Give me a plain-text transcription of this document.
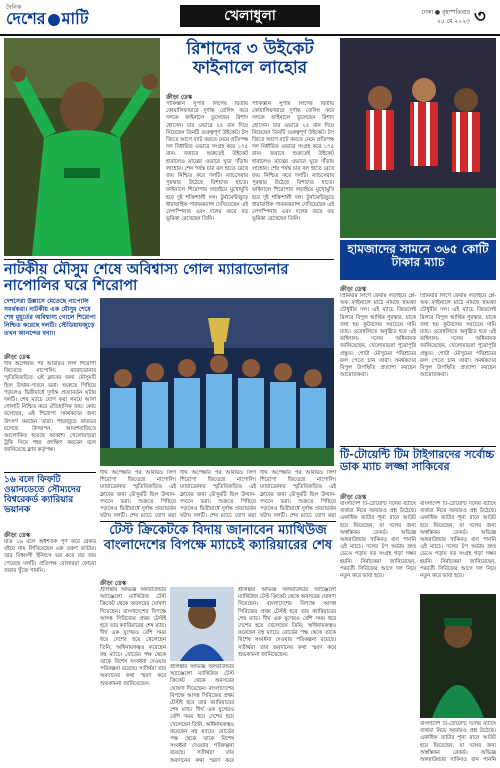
দৈনিক
দেশের মাটি	খেলাধুলা	ঢাকা ● বৃহস্পতিবার
২৫ মে ২০২৩ ৩
রিশাদের ৩ উইকেট ফাইনালে লাহোর
ক্রীড়া ডেস্ক
পাকিস্তান সুপার লিগের দ্বিতীয় কোয়ালিফায়ারে দুর্দান্ত বোলিং করে দলকে ফাইনালে তুলেছেন রিশাদ হোসেন। চার ওভারে ২৫ রান দিয়ে নিয়েছেন তিনটি গুরুত্বপূর্ণ উইকেট। টস জিতে আগে ব্যাট করতে নেমে প্রতিপক্ষ দল নির্ধারিত ওভারে সংগ্রহ করে ১৭৫ রান। জবাবে শুরুতেই উইকেট হারালেও মাঝের ওভারে ঘুরে দাঁড়ায় লাহোর। শেষ পর্যন্ত চার বল হাতে রেখে জয় নিশ্চিত করে দলটি। ম্যাচসেরার পুরস্কার উঠেছে রিশাদের হাতে। ফাইনালে শিরোপার লড়াইয়ে মুখোমুখি হবে দুই শক্তিশালী দল। টুর্নামেন্টজুড়ে ধারাবাহিক পারফরম্যান্স দেখিয়েছেন এই লেগস্পিনার এবং দলের জয়ে বড় ভূমিকা রেখেছেন তিনি।
পাকিস্তান সুপার লিগের দ্বিতীয় কোয়ালিফায়ারে দুর্দান্ত বোলিং করে দলকে ফাইনালে তুলেছেন রিশাদ হোসেন। চার ওভারে ২৫ রান দিয়ে নিয়েছেন তিনটি গুরুত্বপূর্ণ উইকেট। টস জিতে আগে ব্যাট করতে নেমে প্রতিপক্ষ দল নির্ধারিত ওভারে সংগ্রহ করে ১৭৫ রান। জবাবে শুরুতেই উইকেট হারালেও মাঝের ওভারে ঘুরে দাঁড়ায় লাহোর। শেষ পর্যন্ত চার বল হাতে রেখে জয় নিশ্চিত করে দলটি। ম্যাচসেরার পুরস্কার উঠেছে রিশাদের হাতে। ফাইনালে শিরোপার লড়াইয়ে মুখোমুখি হবে দুই শক্তিশালী দল। টুর্নামেন্টজুড়ে ধারাবাহিক পারফরম্যান্স দেখিয়েছেন এই লেগস্পিনার এবং দলের জয়ে বড় ভূমিকা রেখেছেন তিনি।
হামজাদের সামনে ৩৬৫ কোটি টাকার ম্যাচ
ক্রীড়া ডেস্ক
প্রিমিয়ার লিগে ফেরার লড়াইয়ে প্লে-অফ ফাইনালে মাঠে নামছে হামজা চৌধুরীর দল। এই ম্যাচে জিতলেই মিলবে বিপুল আর্থিক পুরস্কার, যাকে বলা হয় ফুটবলের সবচেয়ে দামি ম্যাচ। ওয়েম্বলিতে অনুষ্ঠিত হবে এই ফাইনাল। দলের অধিনায়ক জানিয়েছেন, খেলোয়াড়রা পুরোপুরি প্রস্তুত। গোটা মৌসুমের পরিশ্রমের ফল পেতে চান তারা। সমর্থকদের বিপুল উপস্থিতি প্রত্যাশা করছেন আয়োজকরা।
প্রিমিয়ার লিগে ফেরার লড়াইয়ে প্লে-অফ ফাইনালে মাঠে নামছে হামজা চৌধুরীর দল। এই ম্যাচে জিতলেই মিলবে বিপুল আর্থিক পুরস্কার, যাকে বলা হয় ফুটবলের সবচেয়ে দামি ম্যাচ। ওয়েম্বলিতে অনুষ্ঠিত হবে এই ফাইনাল। দলের অধিনায়ক জানিয়েছেন, খেলোয়াড়রা পুরোপুরি প্রস্তুত। গোটা মৌসুমের পরিশ্রমের ফল পেতে চান তারা। সমর্থকদের বিপুল উপস্থিতি প্রত্যাশা করছেন আয়োজকরা।
নাটকীয় মৌসুম শেষে অবিশ্বাস্য গোল ম্যারাডোনার নাপোলির ঘরে শিরোপা
দেশসেরা উল্লাসে মেতেছে নাপোলি সমর্থকরা। নাটকীয় এক মৌসুম শেষে শেষ মুহূর্তের অবিশ্বাস্য গোলে শিরোপা নিশ্চিত করেছে দলটি। স্টেডিয়ামজুড়ে তখন আনন্দের বন্যা।
ক্রীড়া ডেস্ক
দীর্ঘ অপেক্ষার পর আবারও লিগ শিরোপা জিতেছে নাপোলি। ম্যারাডোনার স্মৃতিবিজড়িত এই ক্লাবের জন্য মৌসুমটি ছিল উত্থান-পতনে ভরা। শুরুতে পিছিয়ে পড়লেও দ্বিতীয়ার্ধে দুর্দান্ত প্রত্যাবর্তন ঘটায় দলটি। শেষ ম্যাচে যোগ করা সময়ে আসা গোলটি নিশ্চিত করে ঐতিহাসিক জয়। কোচ বলেছেন, এই শিরোপা সমর্থকদের জন্য উৎসর্গ করছেন তারা। শহরজুড়ে রাতভর চলেছে উদযাপন, আতশবাজিতে আলোকিত হয়েছে আকাশ। খেলোয়াড়রা ট্রফি নিয়ে শহর প্রদক্ষিণ করবেন বলে জানিয়েছে ক্লাব কর্তৃপক্ষ।
দীর্ঘ অপেক্ষার পর আবারও লিগ শিরোপা জিতেছে নাপোলি। ম্যারাডোনার স্মৃতিবিজড়িত এই ক্লাবের জন্য মৌসুমটি ছিল উত্থান-পতনে ভরা। শুরুতে পিছিয়ে পড়লেও দ্বিতীয়ার্ধে দুর্দান্ত প্রত্যাবর্তন ঘটায় দলটি। শেষ ম্যাচে যোগ করা
দীর্ঘ অপেক্ষার পর আবারও লিগ শিরোপা জিতেছে নাপোলি। ম্যারাডোনার স্মৃতিবিজড়িত এই ক্লাবের জন্য মৌসুমটি ছিল উত্থান-পতনে ভরা। শুরুতে পিছিয়ে পড়লেও দ্বিতীয়ার্ধে দুর্দান্ত প্রত্যাবর্তন ঘটায় দলটি। শেষ ম্যাচে যোগ করা
দীর্ঘ অপেক্ষার পর আবারও লিগ শিরোপা জিতেছে নাপোলি। ম্যারাডোনার স্মৃতিবিজড়িত এই ক্লাবের জন্য মৌসুমটি ছিল উত্থান-পতনে ভরা। শুরুতে পিছিয়ে পড়লেও দ্বিতীয়ার্ধে দুর্দান্ত প্রত্যাবর্তন ঘটায় দলটি। শেষ ম্যাচে যোগ করা
১৬ বলে ফিফটি ওয়ানডেতে সৌম্যদের বিশ্বরেকর্ড ক্যারিয়ার ভয়ানক
ক্রীড়া ডেস্ক
মাত্র ১৬ বলে অর্ধশতক পূর্ণ করে রেকর্ড বইয়ে নাম লিখিয়েছেন এক তরুণ ব্যাটার। তার বিধ্বংসী ইনিংসে ভর করে বড় জয় পেয়েছে দলটি। প্রতিপক্ষ বোলাররা কোনো জবাব খুঁজে পাননি।
টেস্ট ক্রিকেটকে বিদায় জানাবেন ম্যাথিউজ বাংলাদেশের বিপক্ষে ম্যাচেই ক্যারিয়ারের শেষ
ক্রীড়া ডেস্ক
শ্রীলঙ্কার অভিজ্ঞ অলরাউন্ডার অ্যাঞ্জেলো ম্যাথিউজ টেস্ট ক্রিকেট থেকে অবসরের ঘোষণা দিয়েছেন। বাংলাদেশের বিপক্ষে আসন্ন সিরিজের প্রথম টেস্টই হবে তার ক্যারিয়ারের শেষ ম্যাচ। দীর্ঘ এক যুগেরও বেশি সময় ধরে দেশের হয়ে খেলেছেন তিনি, অধিনায়কত্বও করেছেন বহু ম্যাচে। বোর্ডের পক্ষ থেকে তাকে বিশেষ সংবর্ধনা দেওয়ার পরিকল্পনা রয়েছে। সতীর্থরা তার অবদানের কথা স্মরণ করে শুভকামনা জানিয়েছেন।
শ্রীলঙ্কার অভিজ্ঞ অলরাউন্ডার অ্যাঞ্জেলো ম্যাথিউজ টেস্ট ক্রিকেট থেকে অবসরের ঘোষণা দিয়েছেন। বাংলাদেশের বিপক্ষে আসন্ন সিরিজের প্রথম টেস্টই হবে তার ক্যারিয়ারের শেষ ম্যাচ। দীর্ঘ এক যুগেরও বেশি সময় ধরে দেশের হয়ে খেলেছেন তিনি, অধিনায়কত্বও করেছেন বহু ম্যাচে। বোর্ডের পক্ষ থেকে তাকে বিশেষ সংবর্ধনা দেওয়ার পরিকল্পনা রয়েছে। সতীর্থরা তার অবদানের কথা স্মরণ করে
শ্রীলঙ্কার অভিজ্ঞ অলরাউন্ডার অ্যাঞ্জেলো ম্যাথিউজ টেস্ট ক্রিকেট থেকে অবসরের ঘোষণা দিয়েছেন। বাংলাদেশের বিপক্ষে আসন্ন সিরিজের প্রথম টেস্টই হবে তার ক্যারিয়ারের শেষ ম্যাচ। দীর্ঘ এক যুগেরও বেশি সময় ধরে দেশের হয়ে খেলেছেন তিনি, অধিনায়কত্বও করেছেন বহু ম্যাচে। বোর্ডের পক্ষ থেকে তাকে বিশেষ সংবর্ধনা দেওয়ার পরিকল্পনা রয়েছে। সতীর্থরা তার অবদানের কথা স্মরণ করে শুভকামনা জানিয়েছেন।
টি-টোয়েন্টি টিম টাইগারদের সর্বোচ্চ ডাক ম্যাচ লজ্জা সাকিবের
ক্রীড়া ডেস্ক
বাংলাদেশ টি-টোয়েন্টি দলের ব্যাটিং ব্যর্থতা নিয়ে আবারও প্রশ্ন উঠেছে। একাধিক ব্যাটার শূন্য রানে আউট হয়ে ফিরেছেন, যা দলের জন্য অস্বস্তিকর রেকর্ড। অভিজ্ঞ অলরাউন্ডার সাকিবও রান পাননি এই ম্যাচে। দলের টপ অর্ডার দ্রুত ভেঙে পড়ায় বড় সংগ্রহ গড়া সম্ভব হয়নি। নির্বাচকরা জানিয়েছেন, পরবর্তী সিরিজের আগে দল নিয়ে নতুন করে ভাবা হবে।
বাংলাদেশ টি-টোয়েন্টি দলের ব্যাটিং ব্যর্থতা নিয়ে আবারও প্রশ্ন উঠেছে। একাধিক ব্যাটার শূন্য রানে আউট হয়ে ফিরেছেন, যা দলের জন্য অস্বস্তিকর রেকর্ড। অভিজ্ঞ অলরাউন্ডার সাকিবও রান পাননি এই ম্যাচে। দলের টপ অর্ডার দ্রুত ভেঙে পড়ায় বড় সংগ্রহ গড়া সম্ভব হয়নি। নির্বাচকরা জানিয়েছেন, পরবর্তী সিরিজের আগে দল নিয়ে নতুন করে ভাবা হবে।
বাংলাদেশ টি-টোয়েন্টি দলের ব্যাটিং ব্যর্থতা নিয়ে আবারও প্রশ্ন উঠেছে। একাধিক ব্যাটার শূন্য রানে আউট হয়ে ফিরেছেন, যা দলের জন্য অস্বস্তিকর রেকর্ড। অভিজ্ঞ অলরাউন্ডার সাকিবও রান পাননি
